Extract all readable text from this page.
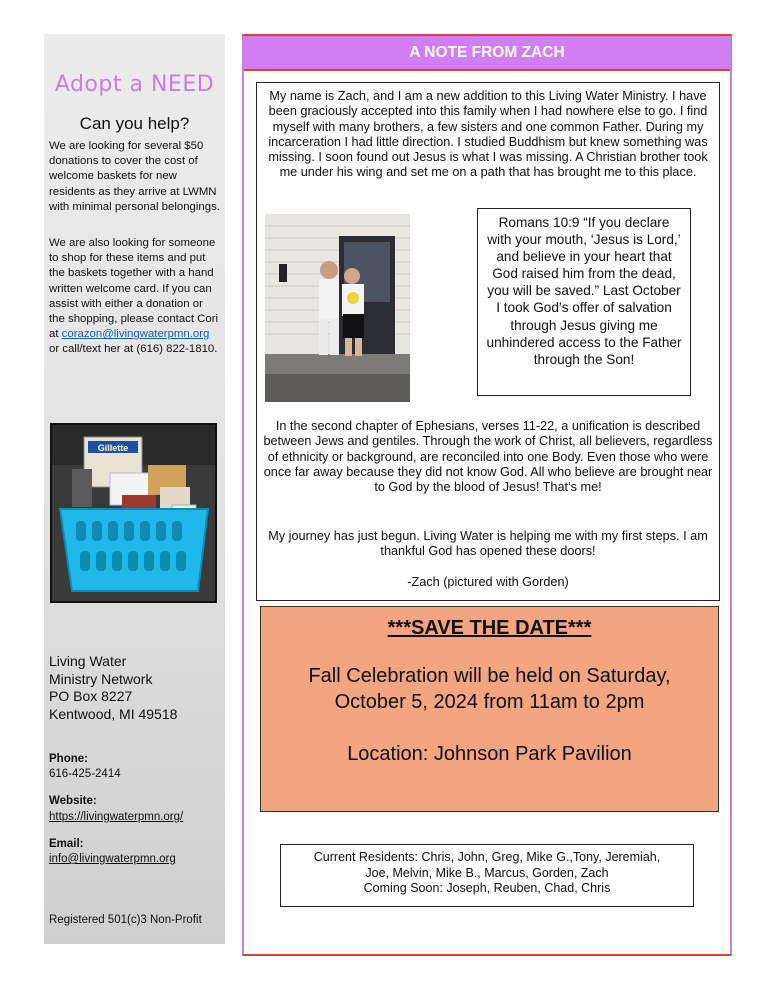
Adopt a NEED

Can you help?

We are looking for several $50 donations to cover the cost of welcome baskets for new residents as they arrive at LWMN with minimal personal belongings.

We are also looking for someone to shop for these items and put the baskets together with a hand written welcome card. If you can assist with either a donation or the shopping, please contact Cori at corazon@livingwaterpmn.org or call/text her at (616) 822-1810.

Gillette

Living Water
Ministry Network
PO Box 8227
Kentwood, MI 49518

Phone:

616-425-2414

Website:

https://livingwaterpmn.org/

Email:

info@livingwaterpmn.org

Registered 501(c)3 Non-Profit

A NOTE FROM ZACH

My name is Zach, and I am a new addition to this Living Water Ministry. I have been graciously accepted into this family when I had nowhere else to go. I find myself with many brothers, a few sisters and one common Father. During my incarceration I had little direction. I studied Buddhism but knew something was missing. I soon found out Jesus is what I was missing. A Christian brother took me under his wing and set me on a path that has brought me to this place.

Romans 10:9 “If you declare with your mouth, ‘Jesus is Lord,’ and believe in your heart that God raised him from the dead, you will be saved.” Last October I took God’s offer of salvation through Jesus giving me unhindered access to the Father through the Son!

In the second chapter of Ephesians, verses 11-22, a unification is described between Jews and gentiles. Through the work of Christ, all believers, regardless of ethnicity or background, are reconciled into one Body. Even those who were once far away because they did not know God. All who believe are brought near to God by the blood of Jesus! That’s me!

My journey has just begun. Living Water is helping me with my first steps. I am thankful God has opened these doors!

-Zach (pictured with Gorden)

***SAVE THE DATE***

Fall Celebration will be held on Saturday,

October 5, 2024 from 11am to 2pm

Location: Johnson Park Pavilion

Current Residents: Chris, John, Greg, Mike G.,Tony, Jeremiah,

Joe, Melvin, Mike B., Marcus, Gorden, Zach

Coming Soon: Joseph, Reuben, Chad, Chris
